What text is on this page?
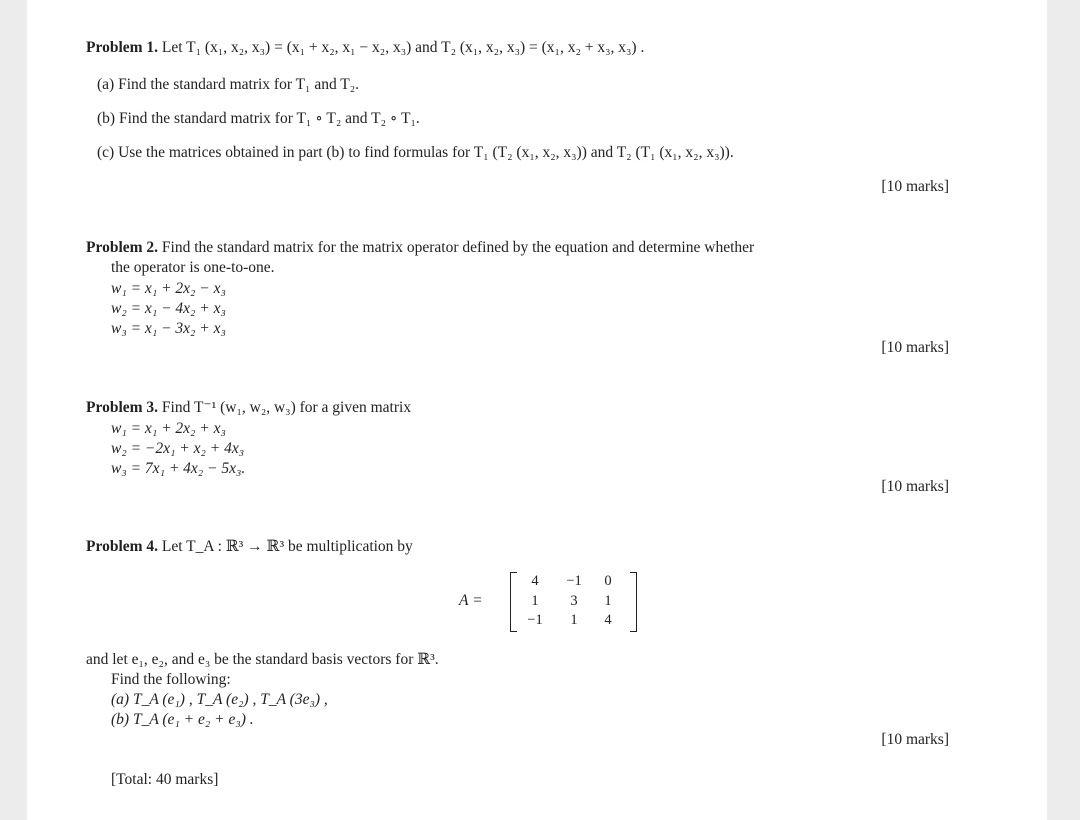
Problem 1. Let T₁ (x₁, x₂, x₃) = (x₁ + x₂, x₁ − x₂, x₃) and T₂ (x₁, x₂, x₃) = (x₁, x₂ + x₃, x₃) .
(a) Find the standard matrix for T₁ and T₂.
(b) Find the standard matrix for T₁ ∘ T₂ and T₂ ∘ T₁.
(c) Use the matrices obtained in part (b) to find formulas for T₁ (T₂ (x₁, x₂, x₃)) and T₂ (T₁ (x₁, x₂, x₃)).
[10 marks]
Problem 2. Find the standard matrix for the matrix operator defined by the equation and determine whether
the operator is one-to-one.
w₁ = x₁ + 2x₂ − x₃
w₂ = x₁ − 4x₂ + x₃
w₃ = x₁ − 3x₂ + x₃
[10 marks]
Problem 3. Find T⁻¹ (w₁, w₂, w₃) for a given matrix
w₁ = x₁ + 2x₂ + x₃
w₂ = −2x₁ + x₂ + 4x₃
w₃ = 7x₁ + 4x₂ − 5x₃.
[10 marks]
Problem 4. Let T_A : ℝ³ → ℝ³ be multiplication by
A =
4	−1	0
1	3	1
−1	1	4
and let e₁, e₂, and e₃ be the standard basis vectors for ℝ³.
Find the following:
(a) T_A (e₁) , T_A (e₂) , T_A (3e₃) ,
(b) T_A (e₁ + e₂ + e₃) .
[10 marks]
[Total: 40 marks]
